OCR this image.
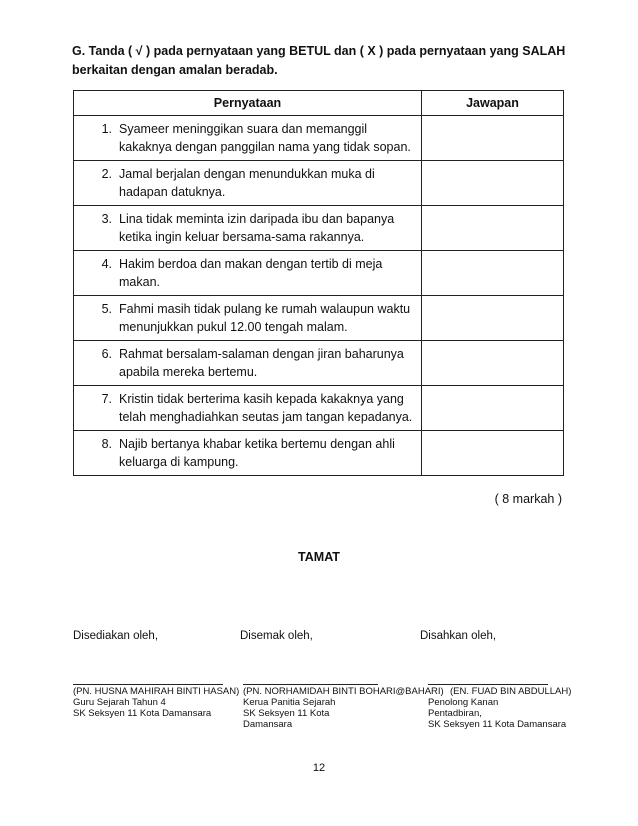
G. Tanda ( √ ) pada pernyataan yang BETUL dan ( X ) pada pernyataan yang SALAH
berkaitan dengan amalan beradab.
Pernyataan	Jawapan

1. Syameer meninggikan suara dan memanggil kakaknya dengan panggilan nama yang tidak sopan.	

2. Jamal berjalan dengan menundukkan muka di hadapan datuknya.	

3. Lina tidak meminta izin daripada ibu dan bapanya ketika ingin keluar bersama-sama rakannya.	

4. Hakim berdoa dan makan dengan tertib di meja makan.	

5. Fahmi masih tidak pulang ke rumah walaupun waktu menunjukkan pukul 12.00 tengah malam.	

6. Rahmat bersalam-salaman dengan jiran baharunya apabila mereka bertemu.	

7. Kristin tidak berterima kasih kepada kakaknya yang telah menghadiahkan seutas jam tangan kepadanya.	

8. Najib bertanya khabar ketika bertemu dengan ahli keluarga di kampung.	

( 8 markah )
TAMAT
Disediakan oleh,	Disemak oleh,	Disahkan oleh,
(PN. HUSNA MAHIRAH BINTI HASAN)
Guru Sejarah Tahun 4
SK Seksyen 11 Kota Damansara
(PN. NORHAMIDAH BINTI BOHARI@BAHARI)
Kerua Panitia Sejarah
SK Seksyen 11 Kota Damansara
(EN. FUAD BIN ABDULLAH)
Penolong Kanan Pentadbiran,
SK Seksyen 11 Kota Damansara
12
